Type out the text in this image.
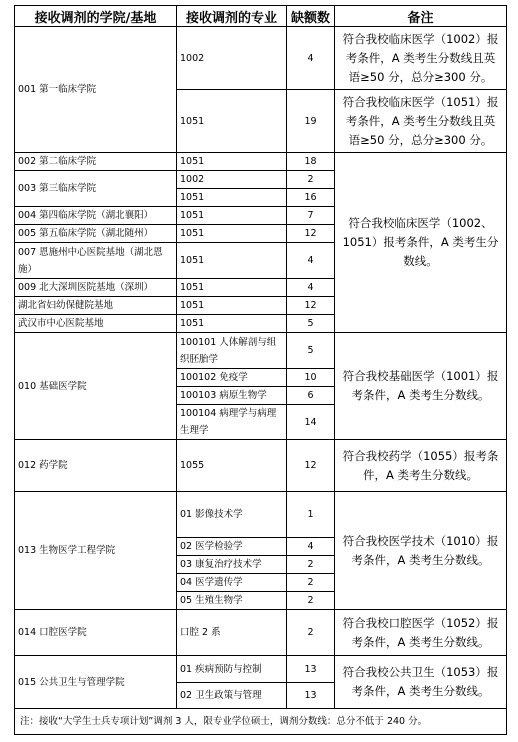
接收调剂的学院/基地	接收调剂的专业	缺额数	备注
001 第一临床学院	1002	4	符合我校临床医学（1002）报考条件，A 类考生分数线且英语≥50 分，总分≥300 分。
	1051	19	符合我校临床医学（1051）报考条件，A 类考生分数线且英语≥50 分，总分≥300 分。
002 第二临床学院	1051	18	符合我校临床医学（1002、1051）报考条件，A 类考生分数线。
003 第三临床学院	1002	2	
	1051	16	
004 第四临床学院（湖北襄阳）	1051	7	
005 第五临床学院（湖北随州）	1051	12	
007 恩施州中心医院基地（湖北恩施）	1051	4	
009 北大深圳医院基地（深圳）	1051	4	
湖北省妇幼保健院基地	1051	12	
武汉市中心医院基地	1051	5	
010 基础医学院	100101 人体解剖与组织胚胎学	5	符合我校基础医学（1001）报考条件，A 类考生分数线。
	100102 免疫学	10	
	100103 病原生物学	6	
	100104 病理学与病理生理学	14	
012 药学院	1055	12	符合我校药学（1055）报考条件，A 类考生分数线。
013 生物医学工程学院	01 影像技术学	1	符合我校医学技术（1010）报考条件，A 类考生分数线。
	02 医学检验学	4	
	03 康复治疗技术学	2	
	04 医学遗传学	2	
	05 生殖生物学	2	
014 口腔医学院	口腔 2 系	2	符合我校口腔医学（1052）报考条件，A 类考生分数线。
015 公共卫生与管理学院	01 疾病预防与控制	13	符合我校公共卫生（1053）报考条件，A 类考生分数线。
	02 卫生政策与管理	13	
注：接收“大学生士兵专项计划”调剂 3 人，限专业学位硕士，调剂分数线：总分不低于 240 分。			
